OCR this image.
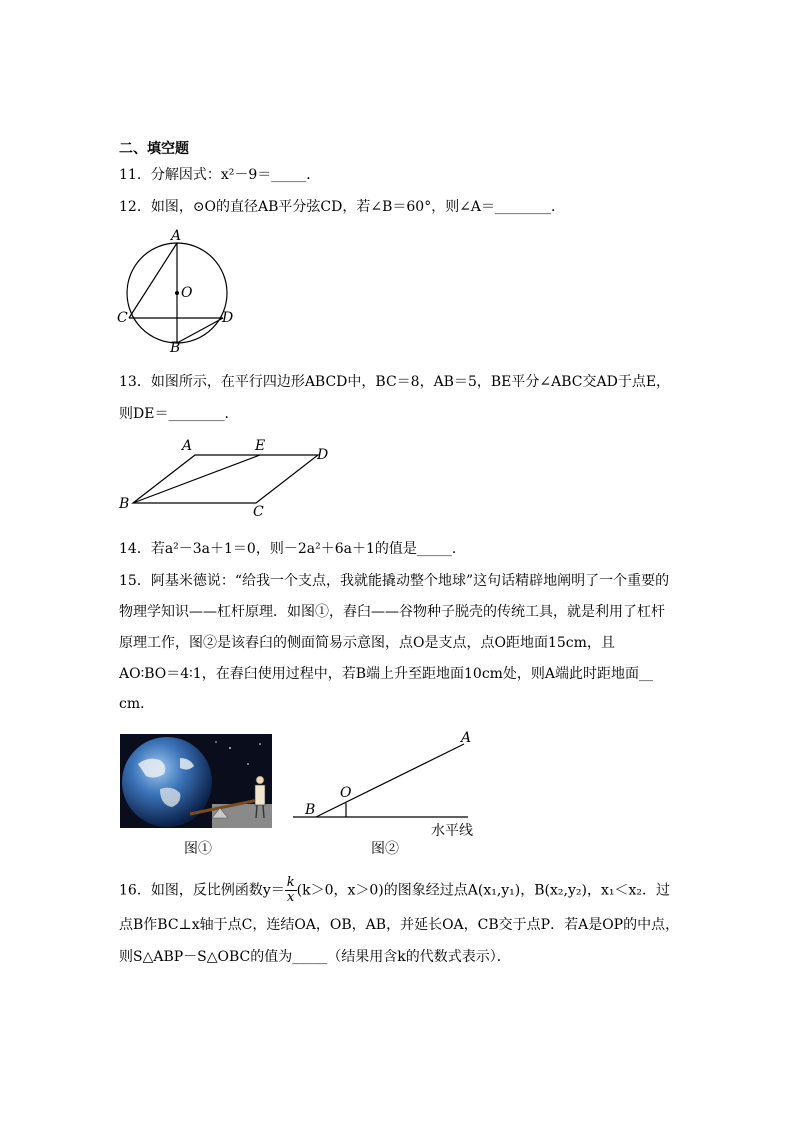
二、填空题
11．分解因式：x²－9＝_____．
12．如图，⊙O的直径AB平分弦CD，若∠B＝60°，则∠A＝________．
A
O
C	D
B
13．如图所示，在平行四边形ABCD中，BC＝8，AB＝5，BE平分∠ABC交AD于点E，
则DE＝________．
A	E
D
B	C
14．若a²－3a＋1＝0，则－2a²＋6a＋1的值是_____．
15．阿基米德说：“给我一个支点，我就能撬动整个地球”这句话精辟地阐明了一个重要的
物理学知识——杠杆原理．如图①，舂臼——谷物种子脱壳的传统工具，就是利用了杠杆
原理工作，图②是该舂臼的侧面简易示意图，点O是支点，点O距地面15cm，且
AO∶BO＝4∶1，在舂臼使用过程中，若B端上升至距地面10cm处，则A端此时距地面__
cm．
图①
A
O
B
水平线
图②
16．如图，反比例函数$y= \frac{k}{x} (k>0$，x＞0)的图象经过点A(x₁,y₁)，B(x₂,y₂)，x₁＜x₂．过
点B作BC⊥x轴于点C，连结OA，OB，AB，并延长OA，CB交于点P．若A是OP的中点，
则S△ABP－S△OBC的值为_____（结果用含k的代数式表示）．
